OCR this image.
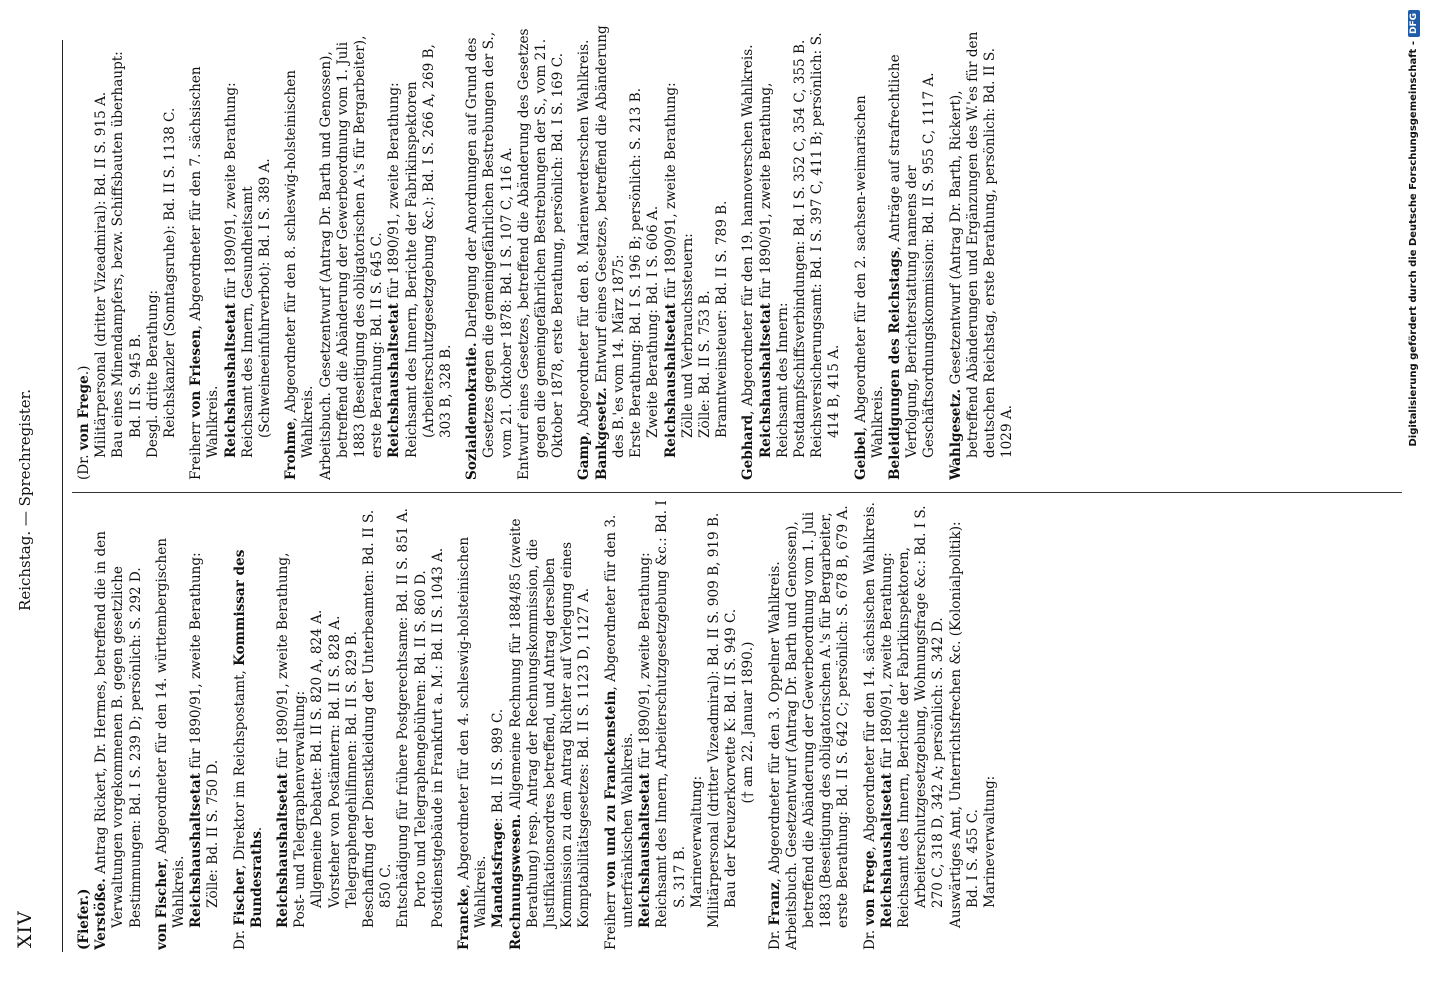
XIV
Reichstag. — Sprechregister.

(Fiefer.) Verstöße. Antrag Rickert, Dr. Hermes, betreffend die in den Verwaltungen vorgekommenen B. gegen gesetzliche Bestimmungen: Bd. I S. 239 D; persönlich: S. 292 D. von Fischer, Abgeordneter für den 14. württembergischen Wahlkreis. Reichshaushaltsetat für 1890/91, zweite Berathung:

Zölle: Bd. II S. 750 D.

Dr. Fischer, Direktor im Reichspostamt, Kommissar des Bundesraths. Reichshaushaltsetat für 1890/91, zweite Berathung,

Post- und Telegraphenverwaltung: Allgemeine Debatte: Bd. II S. 820 A, 824 A. Vorsteher von Postämtern: Bd. II S. 828 A. Telegraphengehilfinnen: Bd. II S. 829 B. Beschaffung der Dienstkleidung der Unterbeamten: Bd. II S. 850 C. Entschädigung für frühere Postgerechtsame: Bd. II S. 851 A. Porto und Telegraphengebühren: Bd. II S. 860 D. Postdienstgebäude in Frankfurt a. M.: Bd. II S. 1043 A. Francke, Abgeordneter für den 4. schleswig-holsteinischen Wahlkreis. Mandatsfrage: Bd. II S. 989 C.

Rechnungswesen. Allgemeine Rechnung für 1884/85 (zweite Berathung) resp. Antrag der Rechnungskommission, die Justifikationsordres betreffend, und Antrag derselben Kommission zu dem Antrag Richter auf Vorlegung eines Komptabilitätsgesetzes: Bd. II S. 1123 D, 1127 A. Freiherr von und zu Franckenstein, Abgeordneter für den 3. unterfränkischen Wahlkreis. Reichshaushaltsetat für 1890/91, zweite Berathung: Reichsamt des Innern, Arbeiterschutzgesetzgebung &c.: Bd. I S. 317 B. Marineverwaltung: Militärpersonal (dritter Vizeadmiral): Bd. II S. 909 B, 919 B. Bau der Kreuzerkorvette K: Bd. II S. 949 C. († am 22. Januar 1890.)

Dr. Franz, Abgeordneter für den 3. Oppelner Wahlkreis. Arbeitsbuch. Gesetzentwurf (Antrag Dr. Barth und Genossen), betreffend die Abänderung der Gewerbeordnung vom 1. Juli 1883 (Beseitigung des obligatorischen A.'s für Bergarbeiter, erste Berathung: Bd. II S. 642 C; persönlich: S. 678 B, 679 A.

Dr. von Frege, Abgeordneter für den 14. sächsischen Wahlkreis.

Reichshaushaltsetat für 1890/91, zweite Berathung: Reichsamt des Innern, Berichte der Fabrikinspektoren, Arbeiterschutzgesetzgebung, Wohnungsfrage &c.: Bd. I S. 270 C, 318 D, 342 A; persönlich: S. 342 D. Auswärtiges Amt, Unterrichtsfrechen &c. (Kolonialpolitik): Bd. I S. 455 C. Marineverwaltung:

(Dr. von Frege.) Militärpersonal (dritter Vizeadmiral): Bd. II S. 915 A. Bau eines Minendampfers, bezw. Schiffsbauten überhaupt: Bd. II S. 945 B. Desgl. dritte Berathung: Reichskanzler (Sonntagsruhe): Bd. II S. 1138 C.

Freiherr von Friesen, Abgeordneter für den 7. sächsischen Wahlkreis. Reichshaushaltsetat für 1890/91, zweite Berathung: Reichsamt des Innern, Gesundheitsamt (Schweineeinfuhrverbot): Bd. I S. 389 A.

Frohme, Abgeordneter für den 8. schleswig-holsteinischen Wahlkreis. Arbeitsbuch. Gesetzentwurf (Antrag Dr. Barth und Genossen), betreffend die Abänderung der Gewerbeordnung vom 1. Juli 1883 (Beseitigung des obligatorischen A.'s für Bergarbeiter), erste Berathung: Bd. II S. 645 C. Reichshaushaltsetat für 1890/91, zweite Berathung: Reichsamt des Innern, Berichte der Fabrikinspektoren (Arbeiterschutzgesetzgebung &c.): Bd. I S. 266 A, 269 B, 303 B, 328 B. Sozialdemokratie. Darlegung der Anordnungen auf Grund des Gesetzes gegen die gemeingefährlichen Bestrebungen der S., vom 21. Oktober 1878: Bd. I S. 107 C, 116 A. Entwurf eines Gesetzes, betreffend die Abänderung des Gesetzes gegen die gemeingefährlichen Bestrebungen der S., vom 21. Oktober 1878, erste Berathung, persönlich: Bd. I S. 169 C. Gamp, Abgeordneter für den 8. Marienwerderschen Wahlkreis. Bankgesetz. Entwurf eines Gesetzes, betreffend die Abänderung des B.'es vom 14. März 1875: Erste Berathung: Bd. I S. 196 B; persönlich: S. 213 B. Zweite Berathung: Bd. I S. 606 A. Reichshaushaltsetat für 1890/91, zweite Berathung:

Zölle und Verbrauchssteuern: Zölle: Bd. II S. 753 B. Branntweinsteuer: Bd. II S. 789 B.

Gebhard, Abgeordneter für den 19. hannoverschen Wahlkreis. Reichshaushaltsetat für 1890/91, zweite Berathung,

Reichsamt des Innern: Postdampfschiffsverbindungen: Bd. I S. 352 C, 354 C, 355 B. Reichsversicherungsamt: Bd. I S. 397 C, 411 B; persönlich: S. 414 B, 415 A.

Geibel, Abgeordneter für den 2. sachsen-weimarischen Wahlkreis. Beleidigungen des Reichstags, Anträge auf strafrechtliche Verfolgung, Berichterstattung namens der Geschäftsordnungskommission: Bd. II S. 955 C, 1117 A. Wahlgesetz. Gesetzentwurf (Antrag Dr. Barth, Rickert), betreffend Abänderungen und Ergänzungen des W.'es für den deutschen Reichstag, erste Berathung, persönlich: Bd. II S. 1029 A.	Digitalisierung gefördert durch die Deutsche Forschungsgemeinschaft -DFG
